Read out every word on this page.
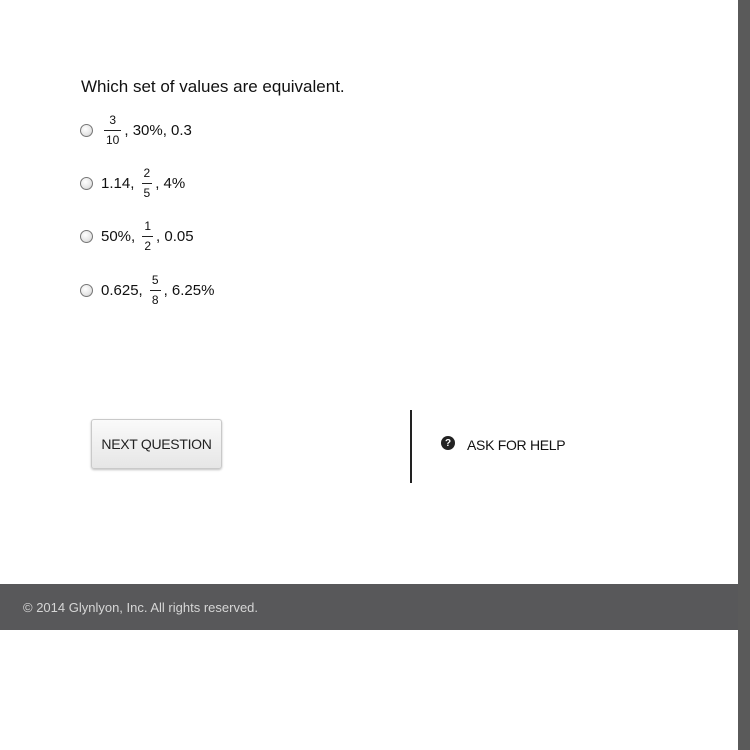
Which set of values are equivalent.
$\frac{3}{10}$ , 30%, 0.3
1.14, $\frac{2}{5}$ , 4%
50%, $\frac{1}{2}$ , 0.05
0.625, $\frac{5}{8}$ , 6.25%
NEXT QUESTION	? ASK FOR HELP
© 2014 Glynlyon, Inc. All rights reserved.
